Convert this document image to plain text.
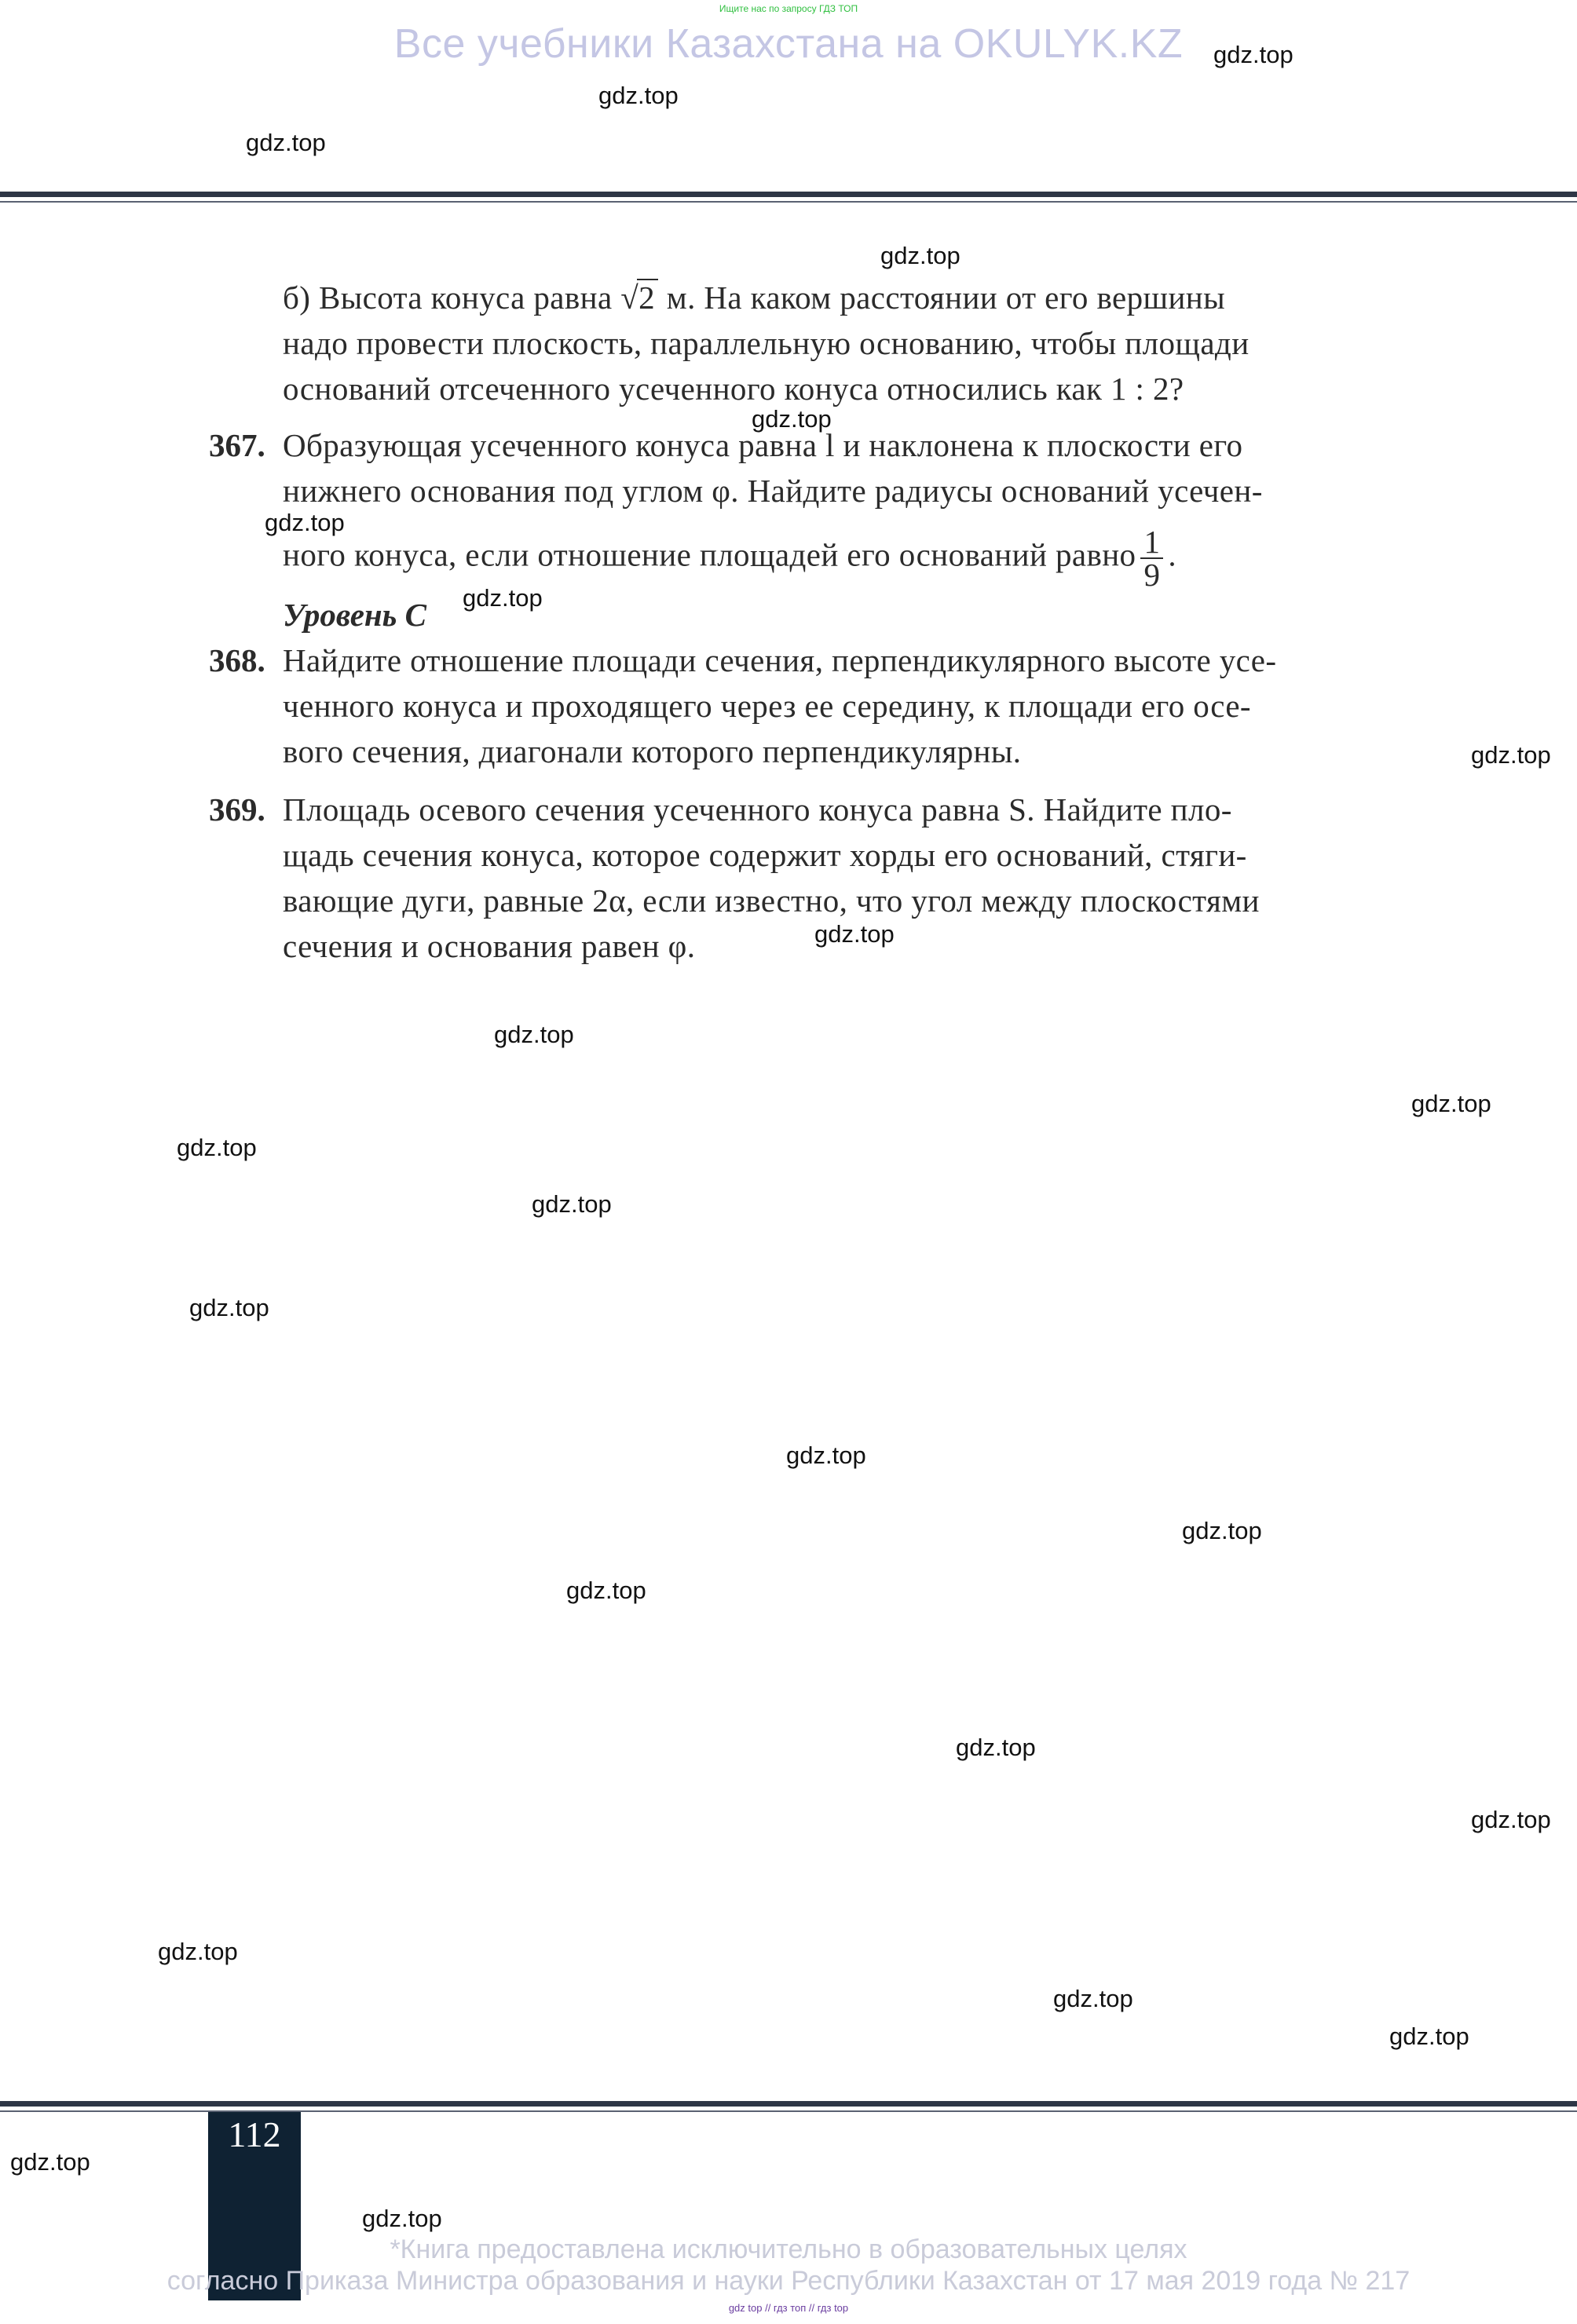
Ищите нас по запросу ГДЗ ТОП
Все учебники Казахстана на OKULYK.KZ
б) Высота конуса равна √2 м. На каком расстоянии от его вершины
надо провести плоскость, параллельную основанию, чтобы площади
оснований отсеченного усеченного конуса относились как 1 : 2?
367. Образующая усеченного конуса равна l и наклонена к плоскости его
нижнего основания под углом φ. Найдите радиусы оснований усечен-
ного конуса, если отношение площадей его оснований равно $\frac{1}{9}$ .
Уровень С
368. Найдите отношение площади сечения, перпендикулярного высоте усе-
ченного конуса и проходящего через ее середину, к площади его осе-
вого сечения, диагонали которого перпендикулярны.
369. Площадь осевого сечения усеченного конуса равна S. Найдите пло-
щадь сечения конуса, которое содержит хорды его оснований, стяги-
вающие дуги, равные 2α, если известно, что угол между плоскостями
сечения и основания равен φ.
112
*Книга предоставлена исключительно в образовательных целях
согласно Приказа Министра образования и науки Республики Казахстан от 17 мая 2019 года № 217
gdz top // гдз топ // гдз top
gdz.top
gdz.top
gdz.top
gdz.top
gdz.top
gdz.top
gdz.top
gdz.top
gdz.top
gdz.top
gdz.top
gdz.top
gdz.top
gdz.top
gdz.top
gdz.top
gdz.top
gdz.top
gdz.top
gdz.top
gdz.top
gdz.top
gdz.top
gdz.top
